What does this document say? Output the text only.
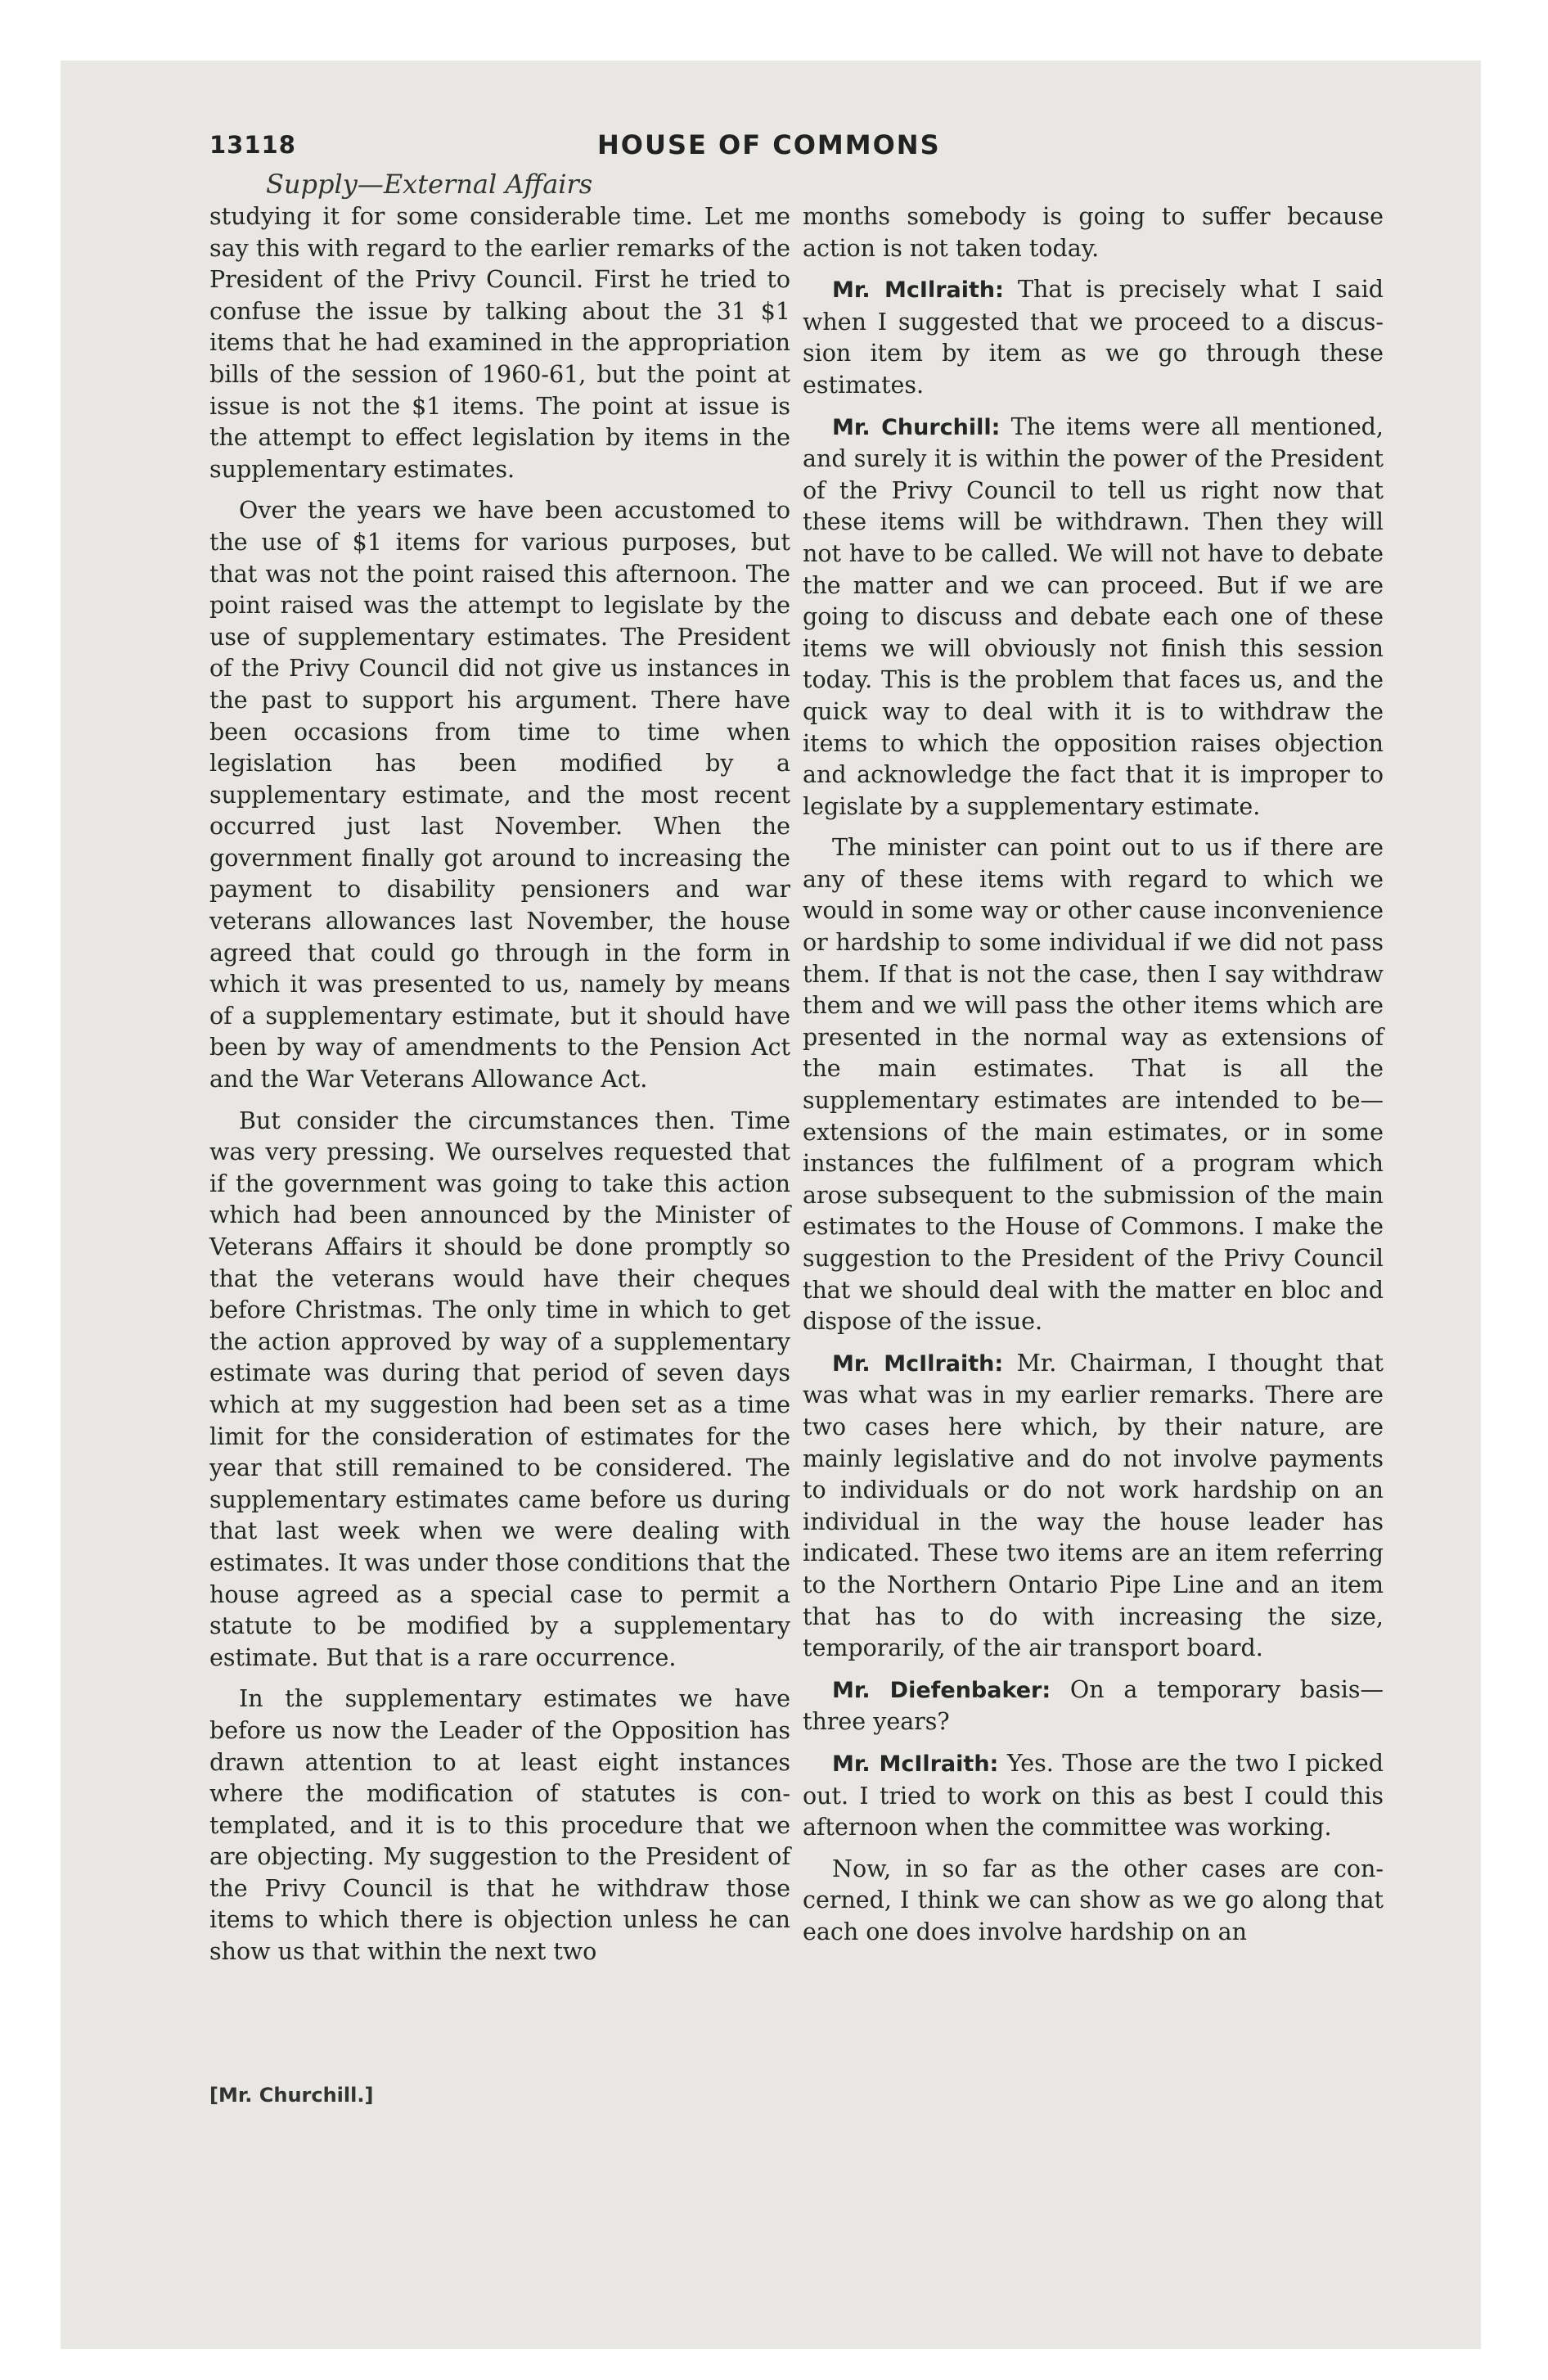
13118	HOUSE OF COMMONS
Supply—External Affairs

studying it for some considerable time. Let me say this with regard to the earlier remarks of the President of the Privy Council. First he tried to confuse the issue by talking about the 31 $1 items that he had examined in the appropriation bills of the session of 1960-61, but the point at issue is not the $1 items. The point at issue is the attempt to effect legislation by items in the supplementary estimates.

Over the years we have been accustomed to the use of $1 items for various purposes, but that was not the point raised this afternoon. The point raised was the attempt to legislate by the use of supplementary estimates. The President of the Privy Council did not give us instances in the past to support his argument. There have been occasions from time to time when legislation has been modified by a supplementary estimate, and the most recent occurred just last November. When the government finally got around to increasing the payment to disability pensioners and war veterans allowances last November, the house agreed that could go through in the form in which it was presented to us, namely by means of a supplementary estimate, but it should have been by way of amendments to the Pension Act and the War Veterans Allowance Act.

But consider the circumstances then. Time was very pressing. We ourselves requested that if the government was going to take this action which had been announced by the Minister of Veterans Affairs it should be done promptly so that the veterans would have their cheques before Christmas. The only time in which to get the action approved by way of a supplementary estimate was during that period of seven days which at my suggestion had been set as a time limit for the consideration of estimates for the year that still remained to be considered. The supplementary estimates came before us during that last week when we were dealing with estimates. It was under those conditions that the house agreed as a special case to permit a statute to be modified by a supplementary estimate. But that is a rare occurrence.

In the supplementary estimates we have before us now the Leader of the Opposition has drawn attention to at least eight instances where the modification of statutes is contemplated, and it is to this procedure that we are objecting. My suggestion to the President of the Privy Council is that he withdraw those items to which there is objection unless he can show us that within the next two

[Mr. Churchill.]

months somebody is going to suffer because action is not taken today.

Mr. McIlraith: That is precisely what I said when I suggested that we proceed to a discussion item by item as we go through these estimates.

Mr. Churchill: The items were all mentioned, and surely it is within the power of the President of the Privy Council to tell us right now that these items will be withdrawn. Then they will not have to be called. We will not have to debate the matter and we can proceed. But if we are going to discuss and debate each one of these items we will obviously not finish this session today. This is the problem that faces us, and the quick way to deal with it is to withdraw the items to which the opposition raises objection and acknowledge the fact that it is improper to legislate by a supplementary estimate.

The minister can point out to us if there are any of these items with regard to which we would in some way or other cause inconvenience or hardship to some individual if we did not pass them. If that is not the case, then I say withdraw them and we will pass the other items which are presented in the normal way as extensions of the main estimates. That is all the supplementary estimates are intended to be—extensions of the main estimates, or in some instances the fulfilment of a program which arose subsequent to the submission of the main estimates to the House of Commons. I make the suggestion to the President of the Privy Council that we should deal with the matter en bloc and dispose of the issue.

Mr. McIlraith: Mr. Chairman, I thought that was what was in my earlier remarks. There are two cases here which, by their nature, are mainly legislative and do not involve payments to individuals or do not work hardship on an individual in the way the house leader has indicated. These two items are an item referring to the Northern Ontario Pipe Line and an item that has to do with increasing the size, temporarily, of the air transport board.

Mr. Diefenbaker: On a temporary basis—three years?

Mr. McIlraith: Yes. Those are the two I picked out. I tried to work on this as best I could this afternoon when the committee was working.

Now, in so far as the other cases are concerned, I think we can show as we go along that each one does involve hardship on an
